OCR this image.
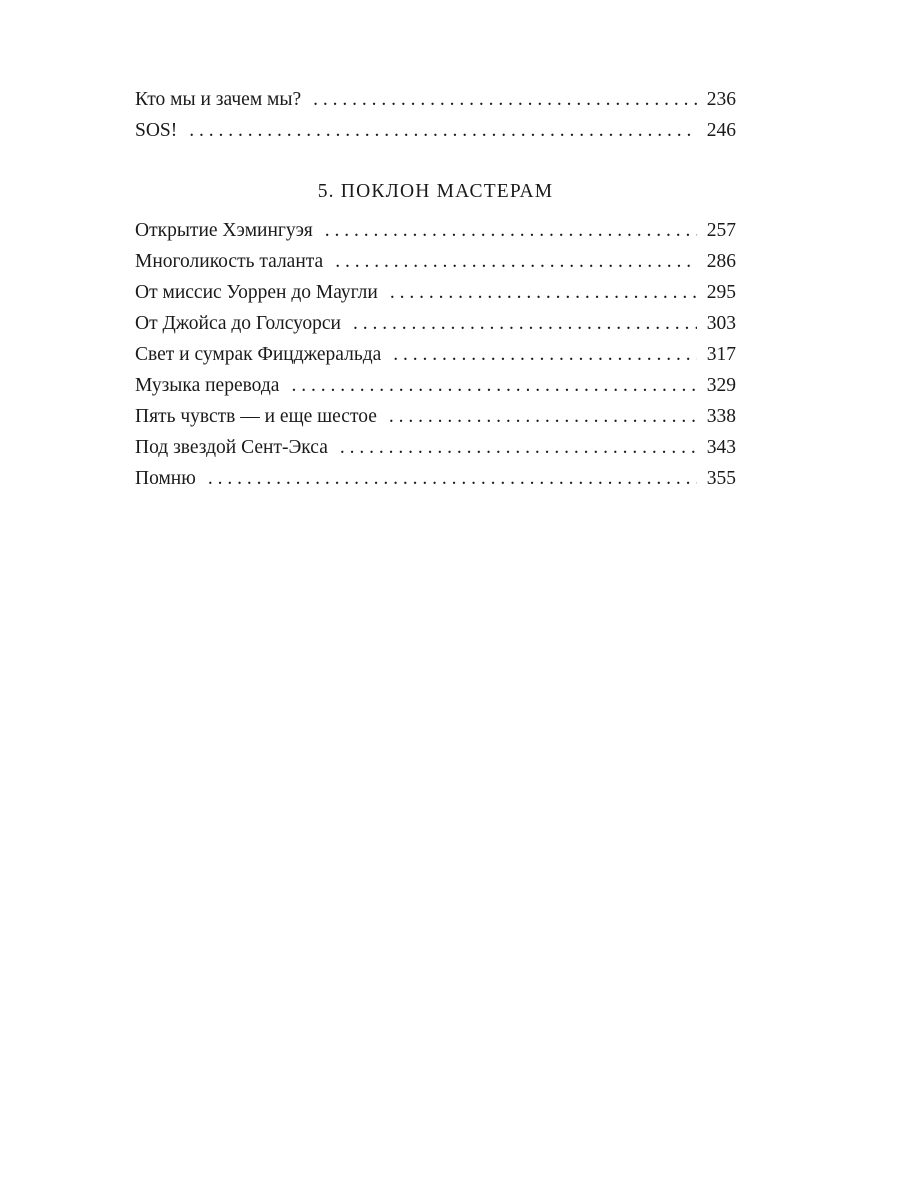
Кто мы и зачем мы? . . .	236
SOS! . . .	246
5. ПОКЛОН МАСТЕРАМ
Открытие Хэмингуэя . . .	257
Многоликость таланта . . .	286
От миссис Уоррен до Маугли . . .	295
От Джойса до Голсуорси . . .	303
Свет и сумрак Фицджеральда . . .	317
Музыка перевода . . .	329
Пять чувств — и еще шестое . . .	338
Под звездой Сент-Экса . . .	343
Помню . . .	355
